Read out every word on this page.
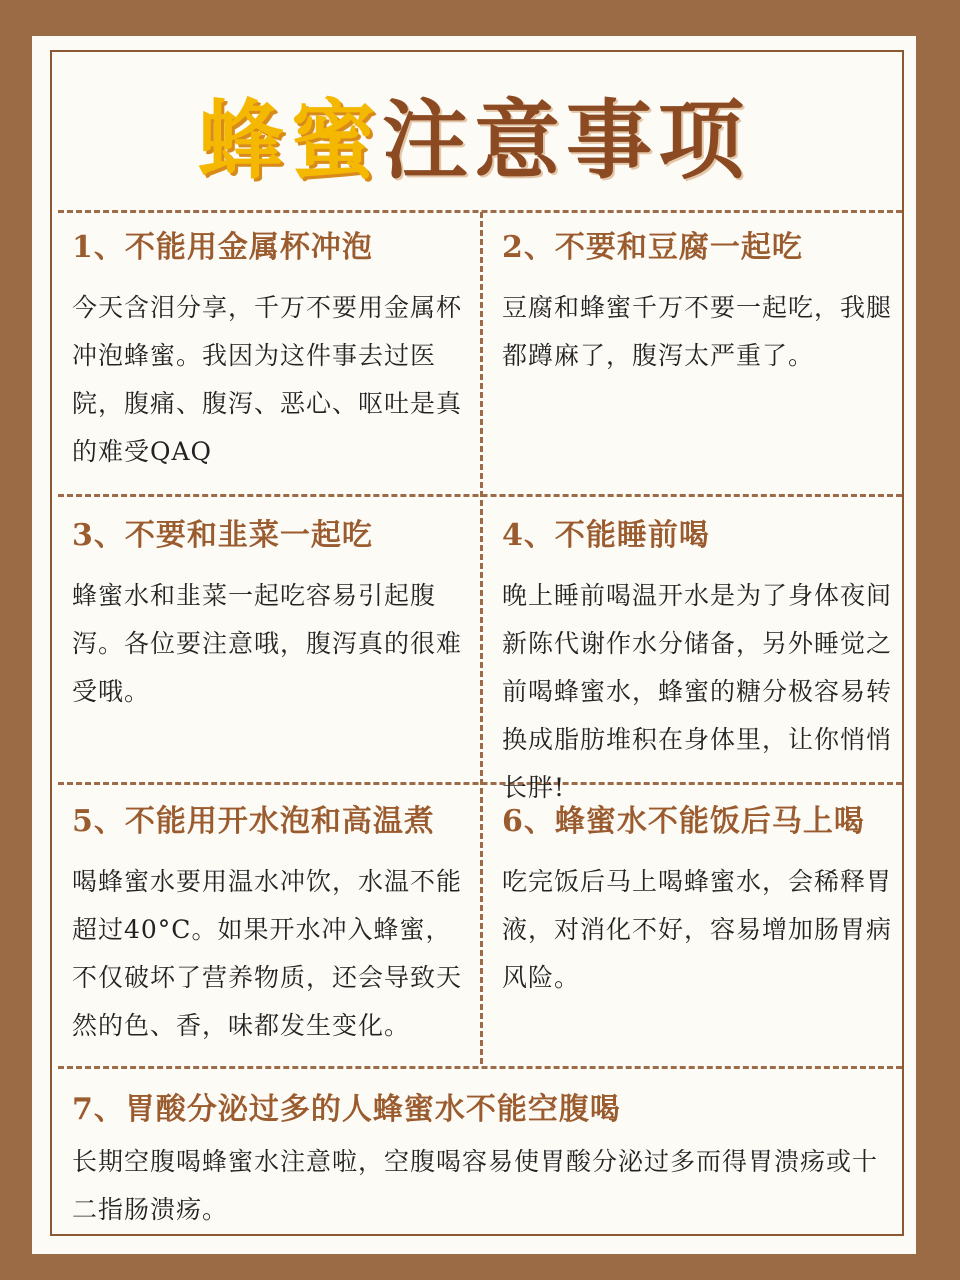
蜂蜜注意事项
1、不能用金属杯冲泡

今天含泪分享，千万不要用金属杯冲泡蜂蜜。我因为这件事去过医院，腹痛、腹泻、恶心、呕吐是真的难受QAQ

2、不要和豆腐一起吃

豆腐和蜂蜜千万不要一起吃，我腿都蹲麻了，腹泻太严重了。

3、不要和韭菜一起吃

蜂蜜水和韭菜一起吃容易引起腹泻。各位要注意哦，腹泻真的很难受哦。

4、不能睡前喝

晚上睡前喝温开水是为了身体夜间新陈代谢作水分储备，另外睡觉之前喝蜂蜜水，蜂蜜的糖分极容易转换成脂肪堆积在身体里，让你悄悄长胖!

5、不能用开水泡和高温煮

喝蜂蜜水要用温水冲饮，水温不能超过40°C。如果开水冲入蜂蜜，不仅破坏了营养物质，还会导致天然的色、香，味都发生变化。

6、蜂蜜水不能饭后马上喝

吃完饭后马上喝蜂蜜水，会稀释胃液，对消化不好，容易增加肠胃病风险。

7、胃酸分泌过多的人蜂蜜水不能空腹喝

长期空腹喝蜂蜜水注意啦，空腹喝容易使胃酸分泌过多而得胃溃疡或十二指肠溃疡。
